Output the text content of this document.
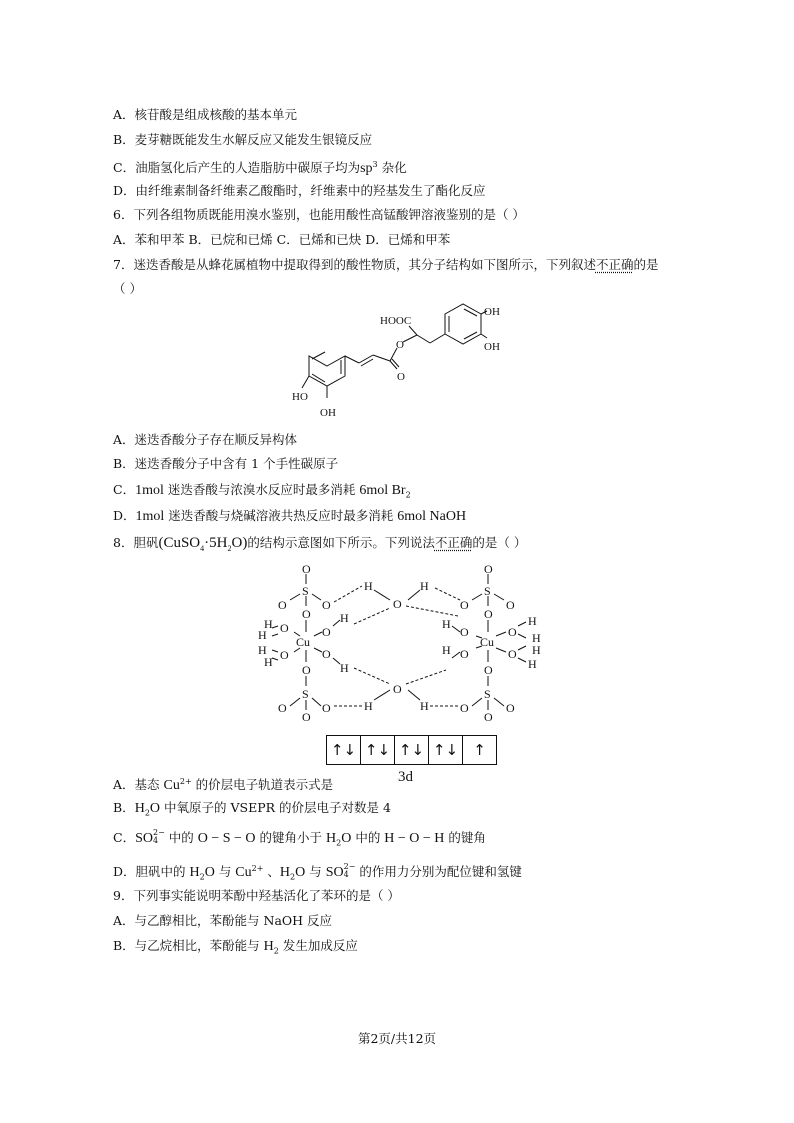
A．核苷酸是组成核酸的基本单元
B．麦芽糖既能发生水解反应又能发生银镜反应
C．油脂氢化后产生的人造脂肪中碳原子均为$sp^3$ 杂化
D．由纤维素制备纤维素乙酸酯时，纤维素中的羟基发生了酯化反应
6．下列各组物质既能用溴水鉴别，也能用酸性高锰酸钾溶液鉴别的是（ ）
A．苯和甲苯 B．已烷和已烯 C．已烯和已炔 D．已烯和甲苯
7．迷迭香酸是从蜂花属植物中提取得到的酸性物质，其分子结构如下图所示，下列叙述不正确的是
（ ）
HOOC
OH
OH
O
O
HO
OH
A．迷迭香酸分子存在顺反异构体
B．迷迭香酸分子中含有 1 个手性碳原子
C．1mol 迷迭香酸与浓溴水反应时最多消耗 6mol $Br_2$
D．1mol 迷迭香酸与烧碱溶液共热反应时最多消耗 6mol NaOH
8．胆矾$(CuSO_4\cdot 5H_2O)$的结构示意图如下所示。下列说法不正确的是（ ）
O
S
O
O
O
Cu
H O
H
H O
H
O
H
O
H
O
S
O
O
O
H
O
H
O
H	H
O
S
O
O
O
Cu
H
O
H O
O
H
H
O H
H
O
S
O
O
O
↑↓ ↑↓ ↑↓ ↑↓	↑
3d
A．基态 $Cu^{2+}$ 的价层电子轨道表示式是
B．$H_2O$ 中氧原子的 VSEPR 的价层电子对数是 4
C．SO 2−
4 中的 O − S − O 的键角小于 $H_2O$ 中的 H − O − H 的键角
D．胆矾中的 $H_2O$ 与 $Cu^{2+}$ 、$H_2O$ 与 SO 2−
4 的作用力分别为配位键和氢键
9．下列事实能说明苯酚中羟基活化了苯环的是（ ）
A．与乙醇相比，苯酚能与 NaOH 反应
B．与乙烷相比，苯酚能与 $H_2$ 发生加成反应
第2页/共12页
